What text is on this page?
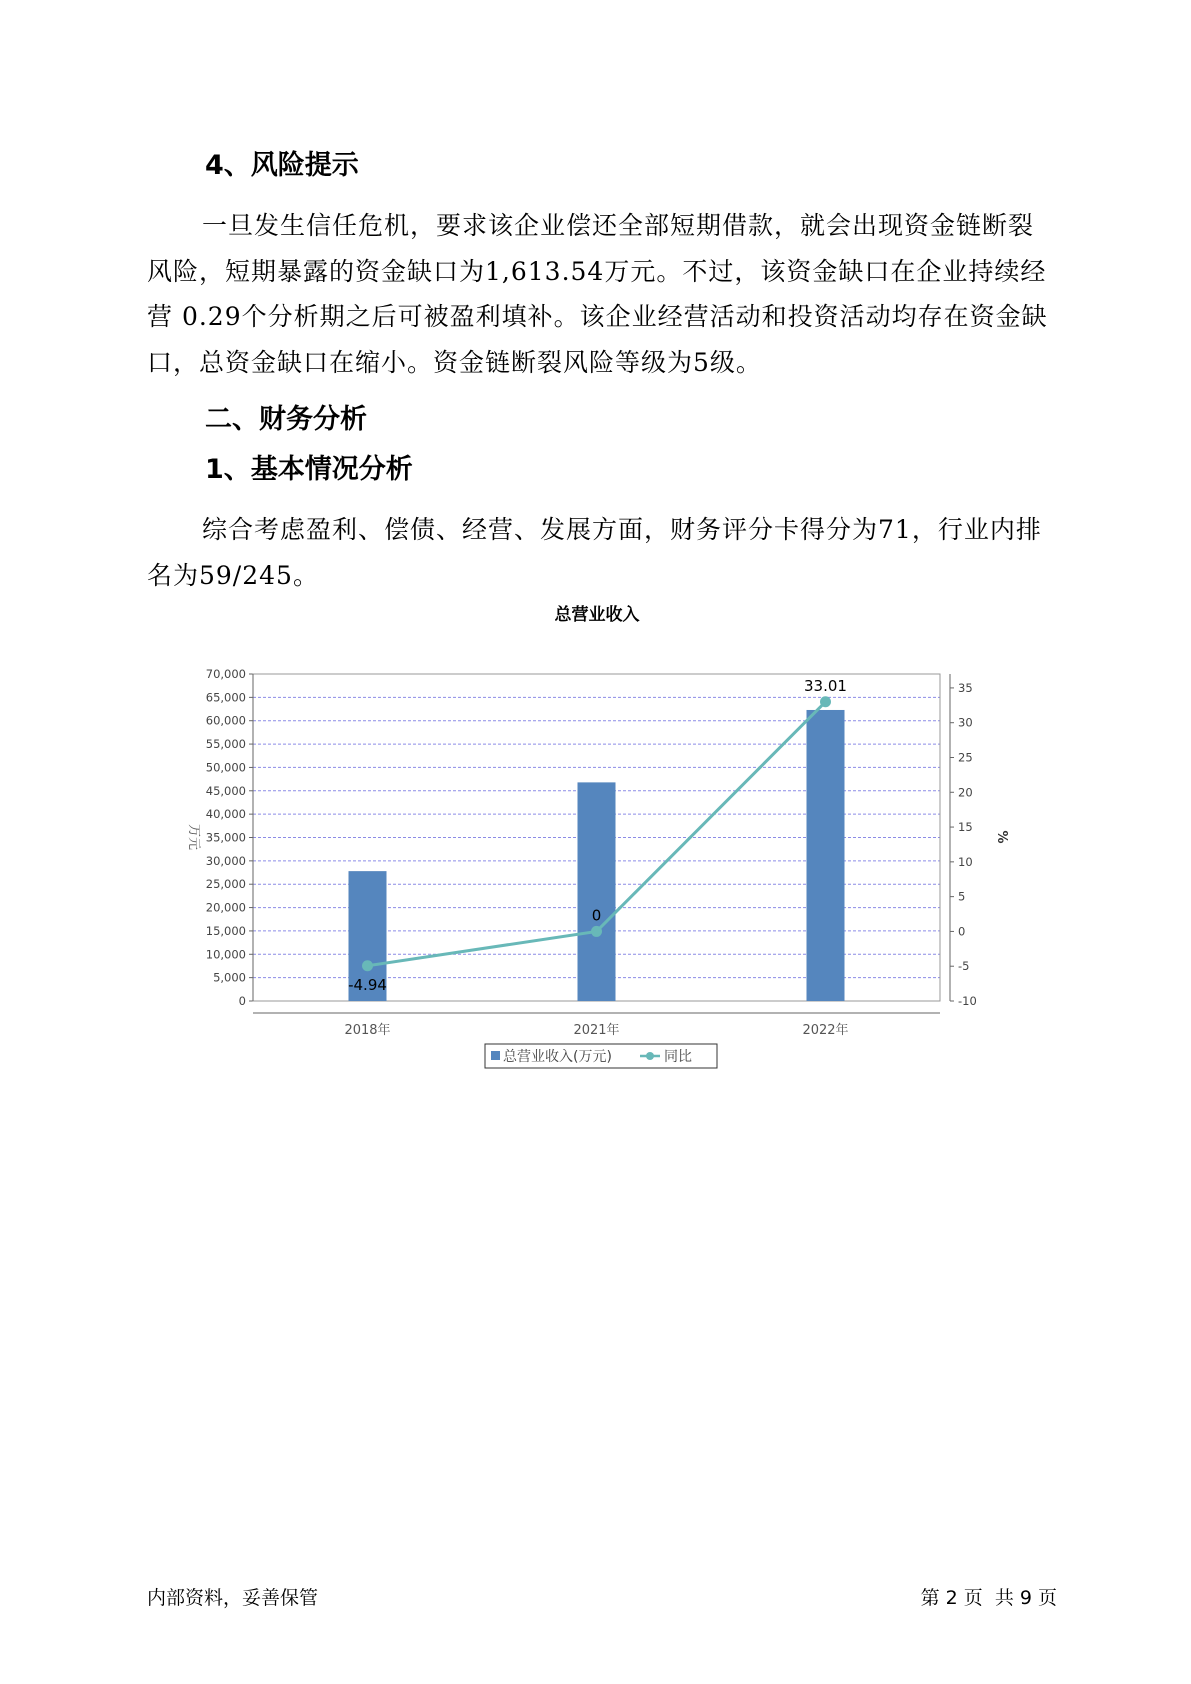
4、风险提示

一旦发生信任危机，要求该企业偿还全部短期借款，就会出现资金链断裂风险，短期暴露的资金缺口为1,613.54万元。不过，该资金缺口在企业持续经营 0.29个分析期之后可被盈利填补。该企业经营活动和投资活动均存在资金缺口，总资金缺口在缩小。资金链断裂风险等级为5级。

二、财务分析
1、基本情况分析

综合考虑盈利、偿债、经营、发展方面，财务评分卡得分为71，行业内排名为59/245。

总营业收入
万元	%
0
5,000
10,000
15,000
20,000
25,000
30,000
35,000
40,000
45,000
50,000
55,000
60,000
65,000
70,000
-10
-5
0
5
10
15
20
25
30
35
2018年	2021年	2022年
-4.94
0
33.01
总营业收入(万元)	同比
内部资料，妥善保管	第 2 页  共 9 页
